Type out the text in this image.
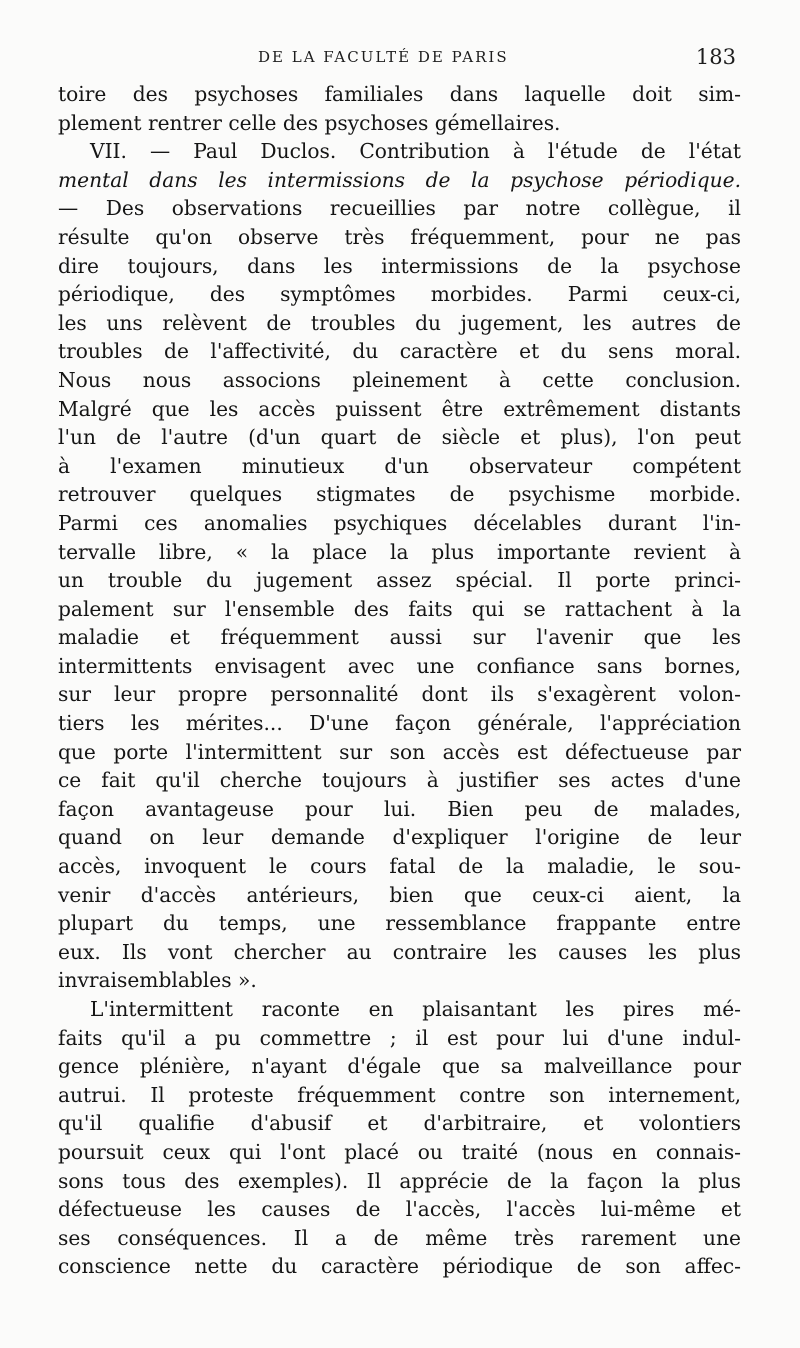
DE LA FACULTÉ DE PARIS	183
toire des psychoses familiales dans laquelle doit sim-
plement rentrer celle des psychoses gémellaires.
VII. — Paul Duclos. Contribution à l'étude de l'état
mental dans les intermissions de la psychose périodique.
— Des observations recueillies par notre collègue, il
résulte qu'on observe très fréquemment, pour ne pas
dire toujours, dans les intermissions de la psychose
périodique, des symptômes morbides. Parmi ceux-ci,
les uns relèvent de troubles du jugement, les autres de
troubles de l'affectivité, du caractère et du sens moral.
Nous nous associons pleinement à cette conclusion.
Malgré que les accès puissent être extrêmement distants
l'un de l'autre (d'un quart de siècle et plus), l'on peut
à l'examen minutieux d'un observateur compétent
retrouver quelques stigmates de psychisme morbide.
Parmi ces anomalies psychiques décelables durant l'in-
tervalle libre, « la place la plus importante revient à
un trouble du jugement assez spécial. Il porte princi-
palement sur l'ensemble des faits qui se rattachent à la
maladie et fréquemment aussi sur l'avenir que les
intermittents envisagent avec une confiance sans bornes,
sur leur propre personnalité dont ils s'exagèrent volon-
tiers les mérites... D'une façon générale, l'appréciation
que porte l'intermittent sur son accès est défectueuse par
ce fait qu'il cherche toujours à justifier ses actes d'une
façon avantageuse pour lui. Bien peu de malades,
quand on leur demande d'expliquer l'origine de leur
accès, invoquent le cours fatal de la maladie, le sou-
venir d'accès antérieurs, bien que ceux-ci aient, la
plupart du temps, une ressemblance frappante entre
eux. Ils vont chercher au contraire les causes les plus
invraisemblables ».
L'intermittent raconte en plaisantant les pires mé-
faits qu'il a pu commettre ; il est pour lui d'une indul-
gence plénière, n'ayant d'égale que sa malveillance pour
autrui. Il proteste fréquemment contre son internement,
qu'il qualifie d'abusif et d'arbitraire, et volontiers
poursuit ceux qui l'ont placé ou traité (nous en connais-
sons tous des exemples). Il apprécie de la façon la plus
défectueuse les causes de l'accès, l'accès lui-même et
ses conséquences. Il a de même très rarement une
conscience nette du caractère périodique de son affec-
